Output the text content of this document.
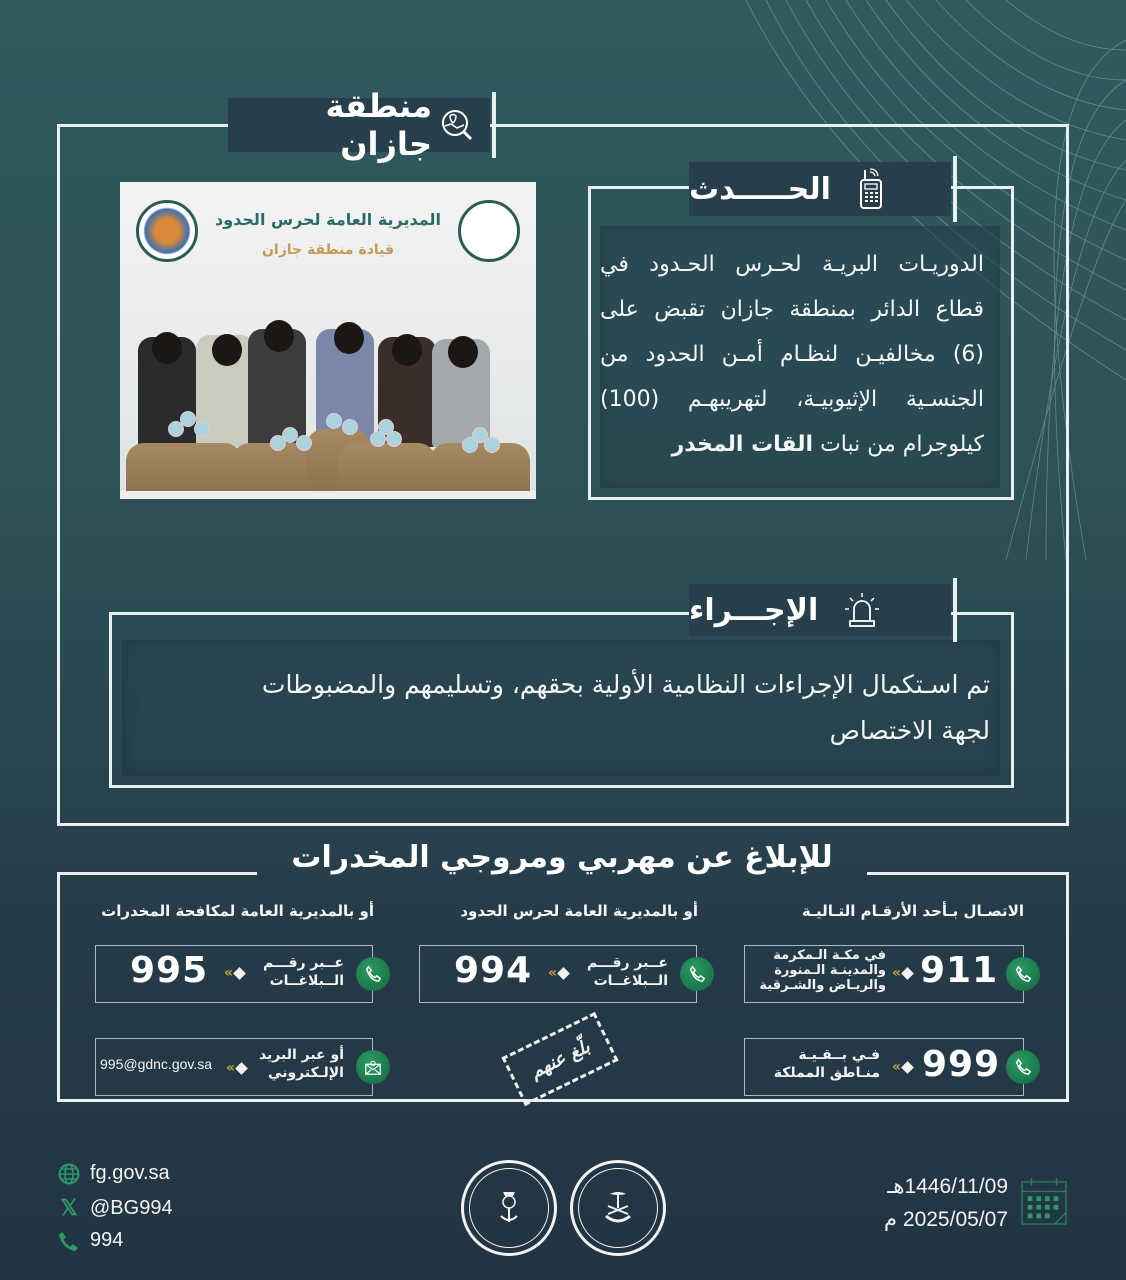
منطقة جازان
المديرية العامة لحرس الحدود
قيادة منطقة جازان
الحـــــدث
الدوريـات البريـة لحـرس الحـدود في
قطاع الدائر بمنطقة جازان تقبض على
(6) مخالفيـن لنظـام أمـن الحدود من
الجنسـية الإثيوبيـة، لتهريبهـم (100)
كيلوجرام من نبات القات المخدر
الإجـــراء
تم اسـتكمال الإجراءات النظامية الأولية بحقهم، وتسليمهم والمضبوطات
لجهة الاختصاص
للإبلاغ عن مهربي ومروجي المخدرات
الاتصـال بـأحد الأرقـام التـاليـة
أو بالمديرية العامة لحرس الحدود
أو بالمديرية العامة لمكافحة المخدرات
911
«
في مكـة الـمكرمة
والمدينـة الـمنورة
والريـاض والشـرقية
999
«
فـي بــقـيـة
منـاطق المملكة
994 «
عــبر رقـــم
الــبلاغــات
995 «
عــبر رقـــم
الــبلاغــات
995@gdnc.gov.sa «
أو عبر البريد
الإلـكتروني	بلّغ عنهم
fg.gov.sa
𝕏 @BG994
994
1446/11/09هـ
2025/05/07 م
